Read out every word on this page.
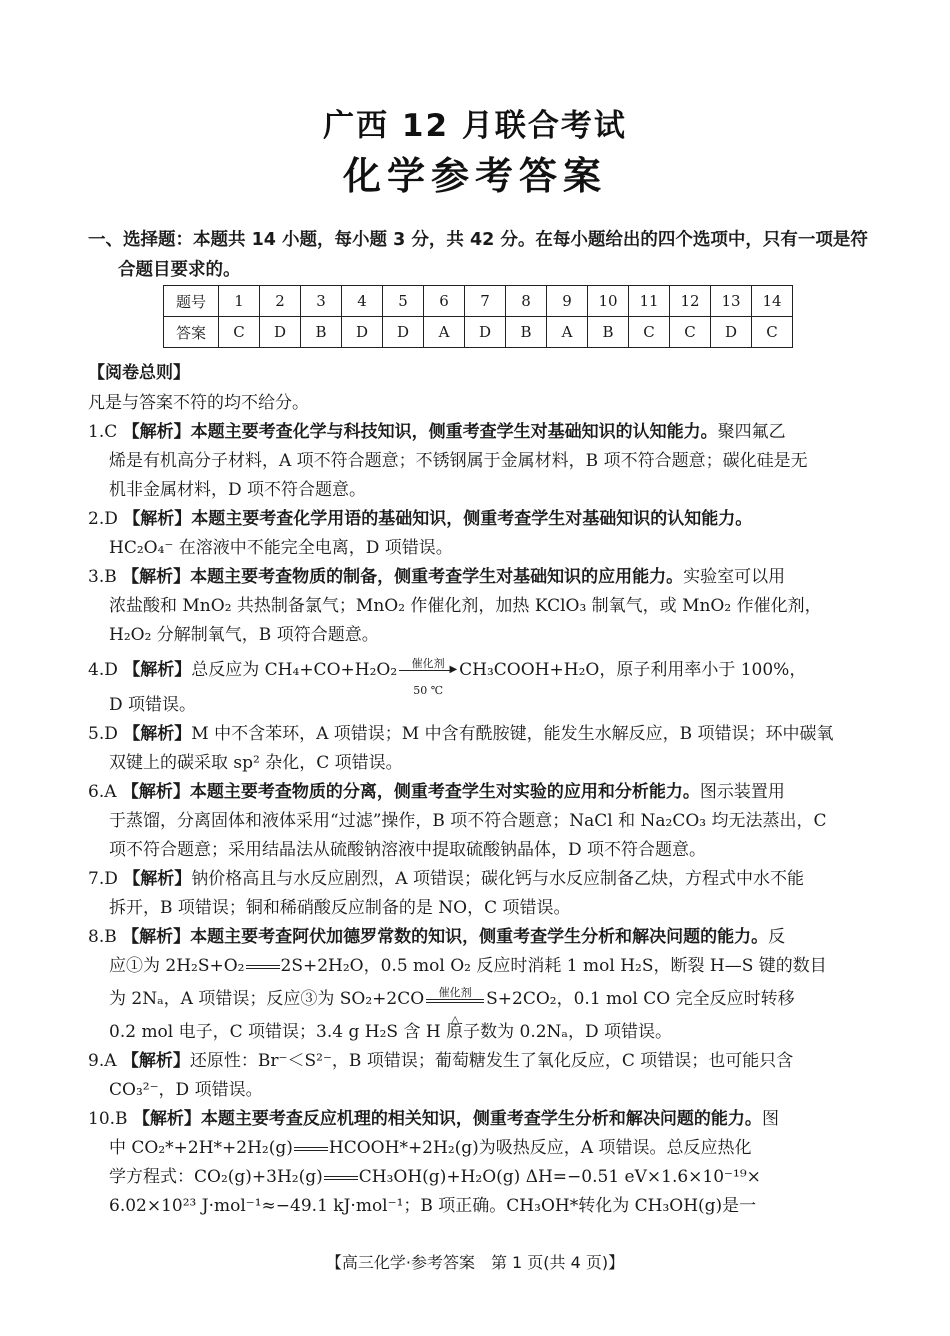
广西 12 月联合考试
化学参考答案
一、选择题：本题共 14 小题，每小题 3 分，共 42 分。在每小题给出的四个选项中，只有一项是符
合题目要求的。
题号	1	2	3	4	5	6	7	8	9	10	11	12	13	14
答案	C	D	B	D	D	A	D	B	A	B	C	C	D	C
【阅卷总则】
凡是与答案不符的均不给分。

1.C 【解析】本题主要考查化学与科技知识，侧重考查学生对基础知识的认知能力。聚四氟乙

烯是有机高分子材料，A 项不符合题意；不锈钢属于金属材料，B 项不符合题意；碳化硅是无

机非金属材料，D 项不符合题意。

2.D 【解析】本题主要考查化学用语的基础知识，侧重考查学生对基础知识的认知能力。

HC₂O₄⁻ 在溶液中不能完全电离，D 项错误。

3.B 【解析】本题主要考查物质的制备，侧重考查学生对基础知识的应用能力。实验室可以用

浓盐酸和 MnO₂ 共热制备氯气；MnO₂ 作催化剂，加热 KClO₃ 制氧气，或 MnO₂ 作催化剂，

H₂O₂ 分解制氧气，B 项符合题意。

4.D 【解析】总反应为 CH₄+CO+H₂O₂	催化剂 ▶
50 ℃
CH₃COOH+H₂O，原子利用率小于 100%，

D 项错误。

5.D 【解析】M 中不含苯环，A 项错误；M 中含有酰胺键，能发生水解反应，B 项错误；环中碳氧

双键上的碳采取 sp² 杂化，C 项错误。

6.A 【解析】本题主要考查物质的分离，侧重考查学生对实验的应用和分析能力。图示装置用

于蒸馏，分离固体和液体采用“过滤”操作，B 项不符合题意；NaCl 和 Na₂CO₃ 均无法蒸出，C

项不符合题意；采用结晶法从硫酸钠溶液中提取硫酸钠晶体，D 项不符合题意。

7.D 【解析】钠价格高且与水反应剧烈，A 项错误；碳化钙与水反应制备乙炔，方程式中水不能

拆开，B 项错误；铜和稀硝酸反应制备的是 NO，C 项错误。

8.B 【解析】本题主要考查阿伏加德罗常数的知识，侧重考查学生分析和解决问题的能力。反

应①为 2H₂S+O₂ 2S+2H₂O，0.5 mol O₂ 反应时消耗 1 mol H₂S，断裂 H—S 键的数目

为 2Nₐ，A 项错误；反应③为 SO₂+2CO	催化剂
△
S+2CO₂，0.1 mol CO 完全反应时转移

0.2 mol 电子，C 项错误；3.4 g H₂S 含 H 原子数为 0.2Nₐ，D 项错误。

9.A 【解析】还原性：Br⁻＜S²⁻，B 项错误；葡萄糖发生了氧化反应，C 项错误；也可能只含

CO₃²⁻，D 项错误。

10.B 【解析】本题主要考查反应机理的相关知识，侧重考查学生分析和解决问题的能力。图

中 CO₂*+2H*+2H₂(g) HCOOH*+2H₂(g)为吸热反应，A 项错误。总反应热化

学方程式：CO₂(g)+3H₂(g) CH₃OH(g)+H₂O(g) ΔH=−0.51 eV×1.6×10⁻¹⁹×

6.02×10²³ J·mol⁻¹≈−49.1 kJ·mol⁻¹；B 项正确。CH₃OH*转化为 CH₃OH(g)是一

【高三化学·参考答案　第 1 页(共 4 页)】
